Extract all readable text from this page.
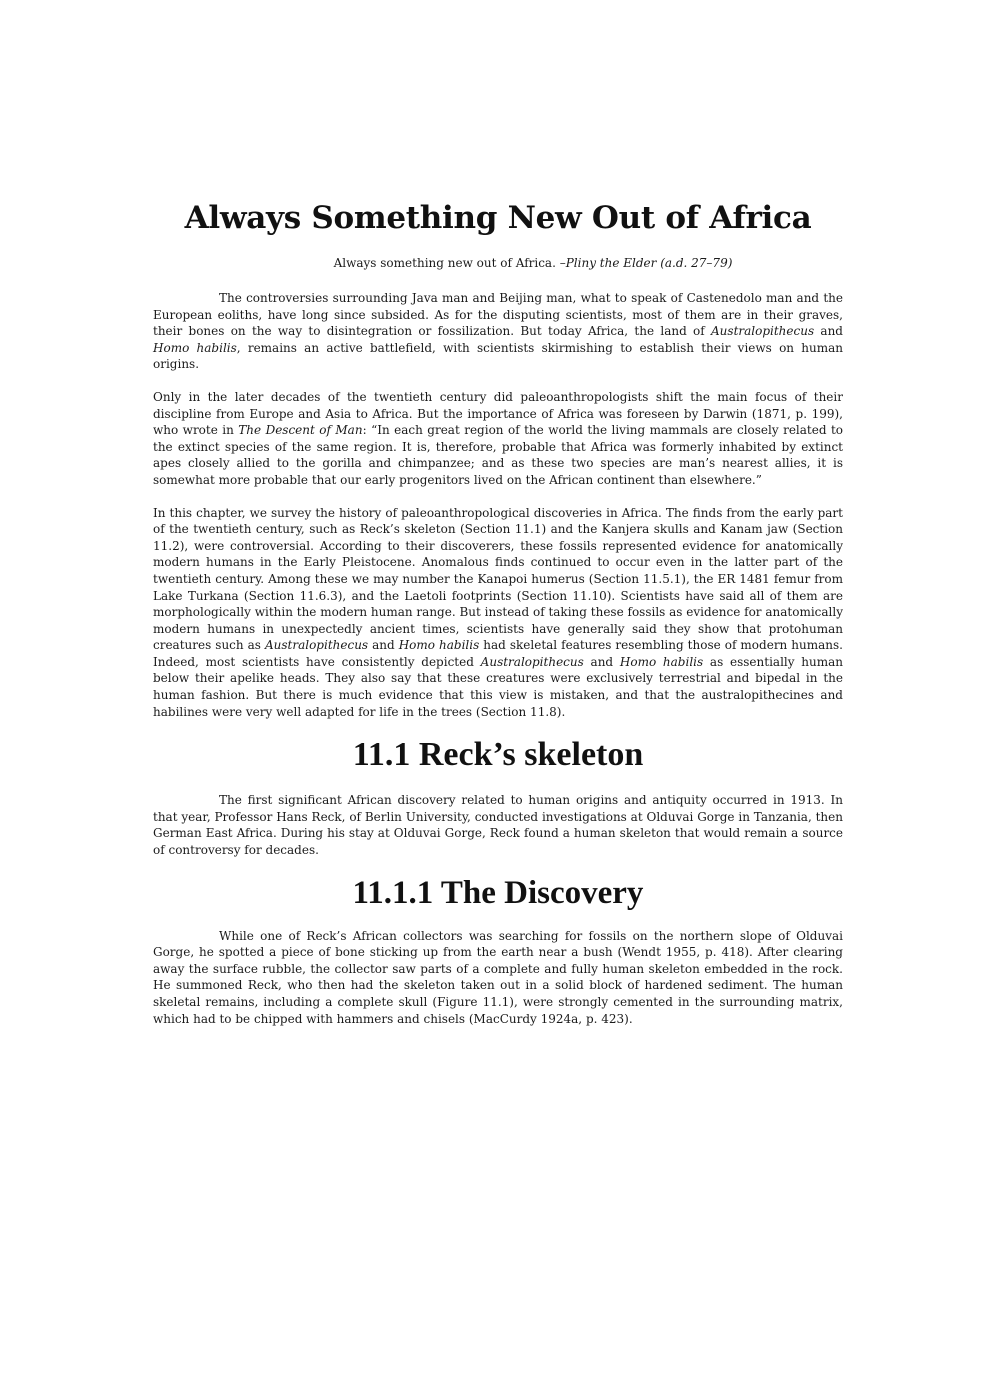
Always Something New Out of Africa
Always something new out of Africa. –Pliny the Elder (a.d. 27–79)

The controversies surrounding Java man and Beijing man, what to speak of Castenedolo man and the European eoliths, have long since subsided. As for the disputing scientists, most of them are in their graves, their bones on the way to disintegration or fossilization. But today Africa, the land of Australopithecus and Homo habilis, remains an active battlefield, with scientists skirmishing to establish their views on human origins.

Only in the later decades of the twentieth century did paleoanthropologists shift the main focus of their discipline from Europe and Asia to Africa. But the importance of Africa was foreseen by Darwin (1871, p. 199), who wrote in The Descent of Man: “In each great region of the world the living mammals are closely related to the extinct species of the same region. It is, therefore, probable that Africa was formerly inhabited by extinct apes closely allied to the gorilla and chimpanzee; and as these two species are man’s nearest allies, it is somewhat more probable that our early progenitors lived on the African continent than elsewhere.”

In this chapter, we survey the history of paleoanthropological discoveries in Africa. The finds from the early part of the twentieth century, such as Reck’s skeleton (Section 11.1) and the Kanjera skulls and Kanam jaw (Section 11.2), were controversial. According to their discoverers, these fossils represented evidence for anatomically modern humans in the Early Pleistocene. Anomalous finds continued to occur even in the latter part of the twentieth century. Among these we may number the Kanapoi humerus (Section 11.5.1), the ER 1481 femur from Lake Turkana (Section 11.6.3), and the Laetoli footprints (Section 11.10). Scientists have said all of them are morphologically within the modern human range. But instead of taking these fossils as evidence for anatomically modern humans in unexpectedly ancient times, scientists have generally said they show that protohuman creatures such as Australopithecus and Homo habilis had skeletal features resembling those of modern humans. Indeed, most scientists have consistently depicted Australopithecus and Homo habilis as essentially human below their apelike heads. They also say that these creatures were exclusively terrestrial and bipedal in the human fashion. But there is much evidence that this view is mistaken, and that the australopithecines and habilines were very well adapted for life in the trees (Section 11.8).

11.1 Reck’s skeleton

The first significant African discovery related to human origins and antiquity occurred in 1913. In that year, Professor Hans Reck, of Berlin University, conducted investigations at Olduvai Gorge in Tanzania, then German East Africa. During his stay at Olduvai Gorge, Reck found a human skeleton that would remain a source of controversy for decades.

11.1.1 The Discovery

While one of Reck’s African collectors was searching for fossils on the northern slope of Olduvai Gorge, he spotted a piece of bone sticking up from the earth near a bush (Wendt 1955, p. 418). After clearing away the surface rubble, the collector saw parts of a complete and fully human skeleton embedded in the rock. He summoned Reck, who then had the skeleton taken out in a solid block of hardened sediment. The human skeletal remains, including a complete skull (Figure 11.1), were strongly cemented in the surrounding matrix, which had to be chipped with hammers and chisels (MacCurdy 1924a, p. 423).
